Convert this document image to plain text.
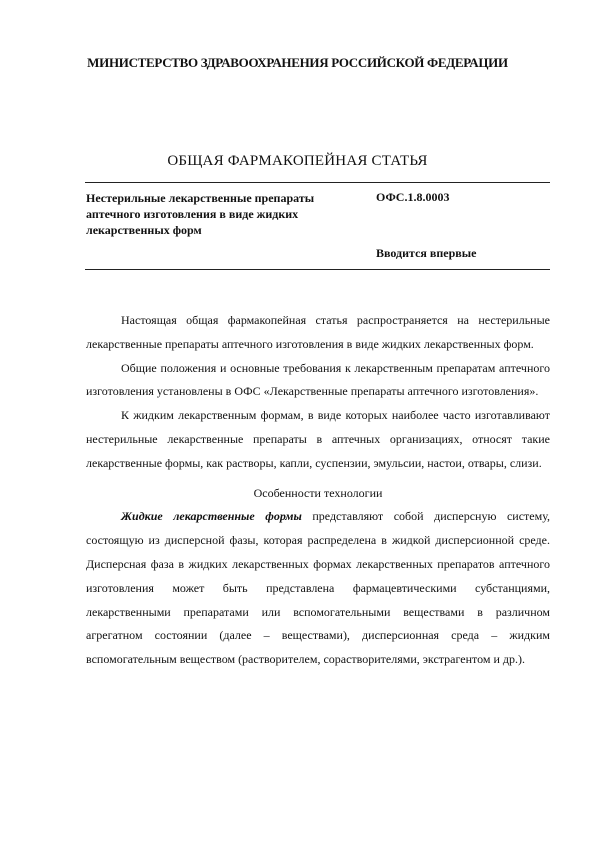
МИНИСТЕРСТВО ЗДРАВООХРАНЕНИЯ РОССИЙСКОЙ ФЕДЕРАЦИИ
ОБЩАЯ ФАРМАКОПЕЙНАЯ СТАТЬЯ
Нестерильные лекарственные препараты аптечного изготовления в виде жидких лекарственных форм
ОФС.1.8.0003
Вводится впервые

Настоящая общая фармакопейная статья распространяется на нестерильные лекарственные препараты аптечного изготовления в виде жидких лекарственных форм.

Общие положения и основные требования к лекарственным препаратам аптечного изготовления установлены в ОФС «Лекарственные препараты аптечного изготовления».

К жидким лекарственным формам, в виде которых наиболее часто изготавливают нестерильные лекарственные препараты в аптечных организациях, относят такие лекарственные формы, как растворы, капли, суспензии, эмульсии, настои, отвары, слизи.

Особенности технологии

Жидкие лекарственные формы представляют собой дисперсную систему, состоящую из дисперсной фазы, которая распределена в жидкой дисперсионной среде. Дисперсная фаза в жидких лекарственных формах лекарственных препаратов аптечного изготовления может быть представлена фармацевтическими субстанциями, лекарственными препаратами или вспомогательными веществами в различном агрегатном состоянии (далее – веществами), дисперсионная среда – жидким вспомогательным веществом (растворителем, сорастворителями, экстрагентом и др.).
